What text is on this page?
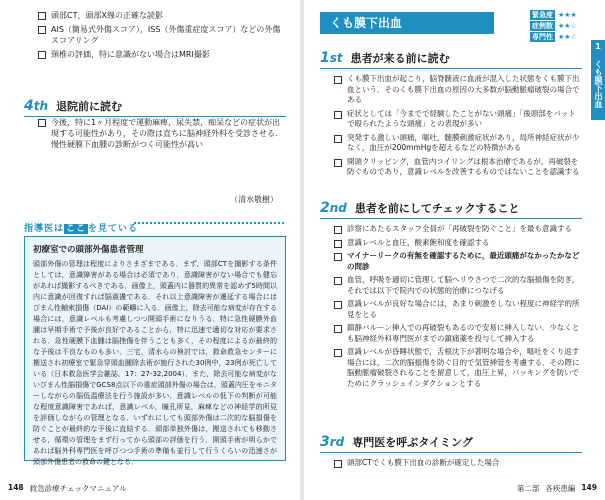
頭部CT，頭部X線の正確な読影
AIS（簡易式外傷スコア），ISS（外傷重症度スコア）などの外傷スコアリング
頸椎の評価，特に意識がない場合はMRI撮影
4th 退院前に読む
今後，特に1ヶ月程度で運動麻痺，尿失禁，痴呆などの症状が出現する可能性があり，その際は直ちに脳神経外科を受診させる．慢性硬膜下血腫の診断がつく可能性が高い
（清水敬樹）
指導医は ここ を見ている
初療室での頭部外傷患者管理
頭部外傷の管理は程度によりさまざまである．まず，頭部CTを撮影する条件としては，意識障害がある場合は必須であり，意識障害がない場合でも健忘があれば撮影するべきである．画像上，頭蓋内に器質的異常を認めず5時間以内に意識が回復すれば脳震盪である．それ以上意識障害が遷延する場合にはびまん性軸索損傷（DAI）の範疇に入る．画像上，除去可能な病変が存在する場合には，意識レベルも考慮しつつ開頭手術になりうる．特に急性硬膜外血腫は早期手術で予後が良好であることから，特に迅速で適切な対応が要求される．急性硬膜下血腫は脳挫傷を伴うことも多く，その程度によるが最終的な予後は不良なものも多い．三宅，清水らの検討では，救命救急センターに搬送され初療室で緊急穿頭血腫除去術が施行された30例中，23例が死亡している（日本救急医学会雑誌，17：27-32,2004）．また，除去可能な病変がないびまん性脳損傷でGCS8点以下の重症頭部外傷の場合は，頭蓋内圧をモニターしながらの脳低温療法を行う施設が多い．意識レベルの低下の判断が可能な程度意識障害であれば，意識レベル，瞳孔所見，麻痺などの神経学的所見を評価しながらの管理となる．いずれにしても頭部外傷は二次的な脳損傷を防ぐことが最終的な予後に直結する．頭部単独外傷は，搬送されても移動させる，循環の管理をまず行ってから頭部の評価を行う．開頭手術が明らかであれば脳外科専門医を呼びつつ手術の準備も並行して行うくらいの迅速さが頭部外傷患者の救命の鍵となる．
148 救急診療チェックマニュアル
くも膜下出血
緊急度 ★★★
症例数 ★★☆
専門性 ★★☆
1
くも膜下出血
1st 患者が来る前に読む
くも膜下出血が起こり，脳脊髄液に血液が混入した状態をくも膜下出血という．そのくも膜下出血の原因の大多数が脳動脈瘤破裂の場合である
症状としては「今までで経験したことがない頭痛」「後頭部をバットで殴られたような頭痛」との表現が多い
突発する激しい頭痛，嘔吐，髄膜刺激症状があり，局所神経症状が少なく，血圧が200mmHgを超えるなどの特徴がある
開頭クリッピング，血管内コイリングは根本治療であるが，再破裂を防ぐものであり，意識レベルを改善するものではないことを認識する
2nd 患者を前にしてチェックすること
診察にあたるスタッフ全員が「再破裂を防ぐこと」を最も意識する
意識レベルと血圧，酸素飽和度を確認する
マイナーリークの有無を確認するために，最近頭痛がなかったかなどの問診
血管，呼吸を適切に管理して脳ヘリウさつで二次的な脳損傷を防ぎ，それでは以下で院内での状態的治療につなげる
意識レベルが良好な場合には，あまり刺激をしない程度に神経学的所見をとる
鎮静バルーン挿入での再破裂もあるので安易に挿入しない．少なくとも脳神経外科専門医がまでの鎮痛薬を投与して挿入する
意識レベルが昏睡状態で，舌根沈下が著明な場合や，嘔吐をくり返す場合には，二次的脳損傷を防ぐ目的で気管挿管を考慮する．その際に脳動脈瘤破裂されることを留意して，血圧上昇，バッキングを防いでためにクラッシュインダクションとする
3rd 専門医を呼ぶタイミング
頭部CTでくも膜下出血の診断が確定した場合
第二部 各疾患編 149
